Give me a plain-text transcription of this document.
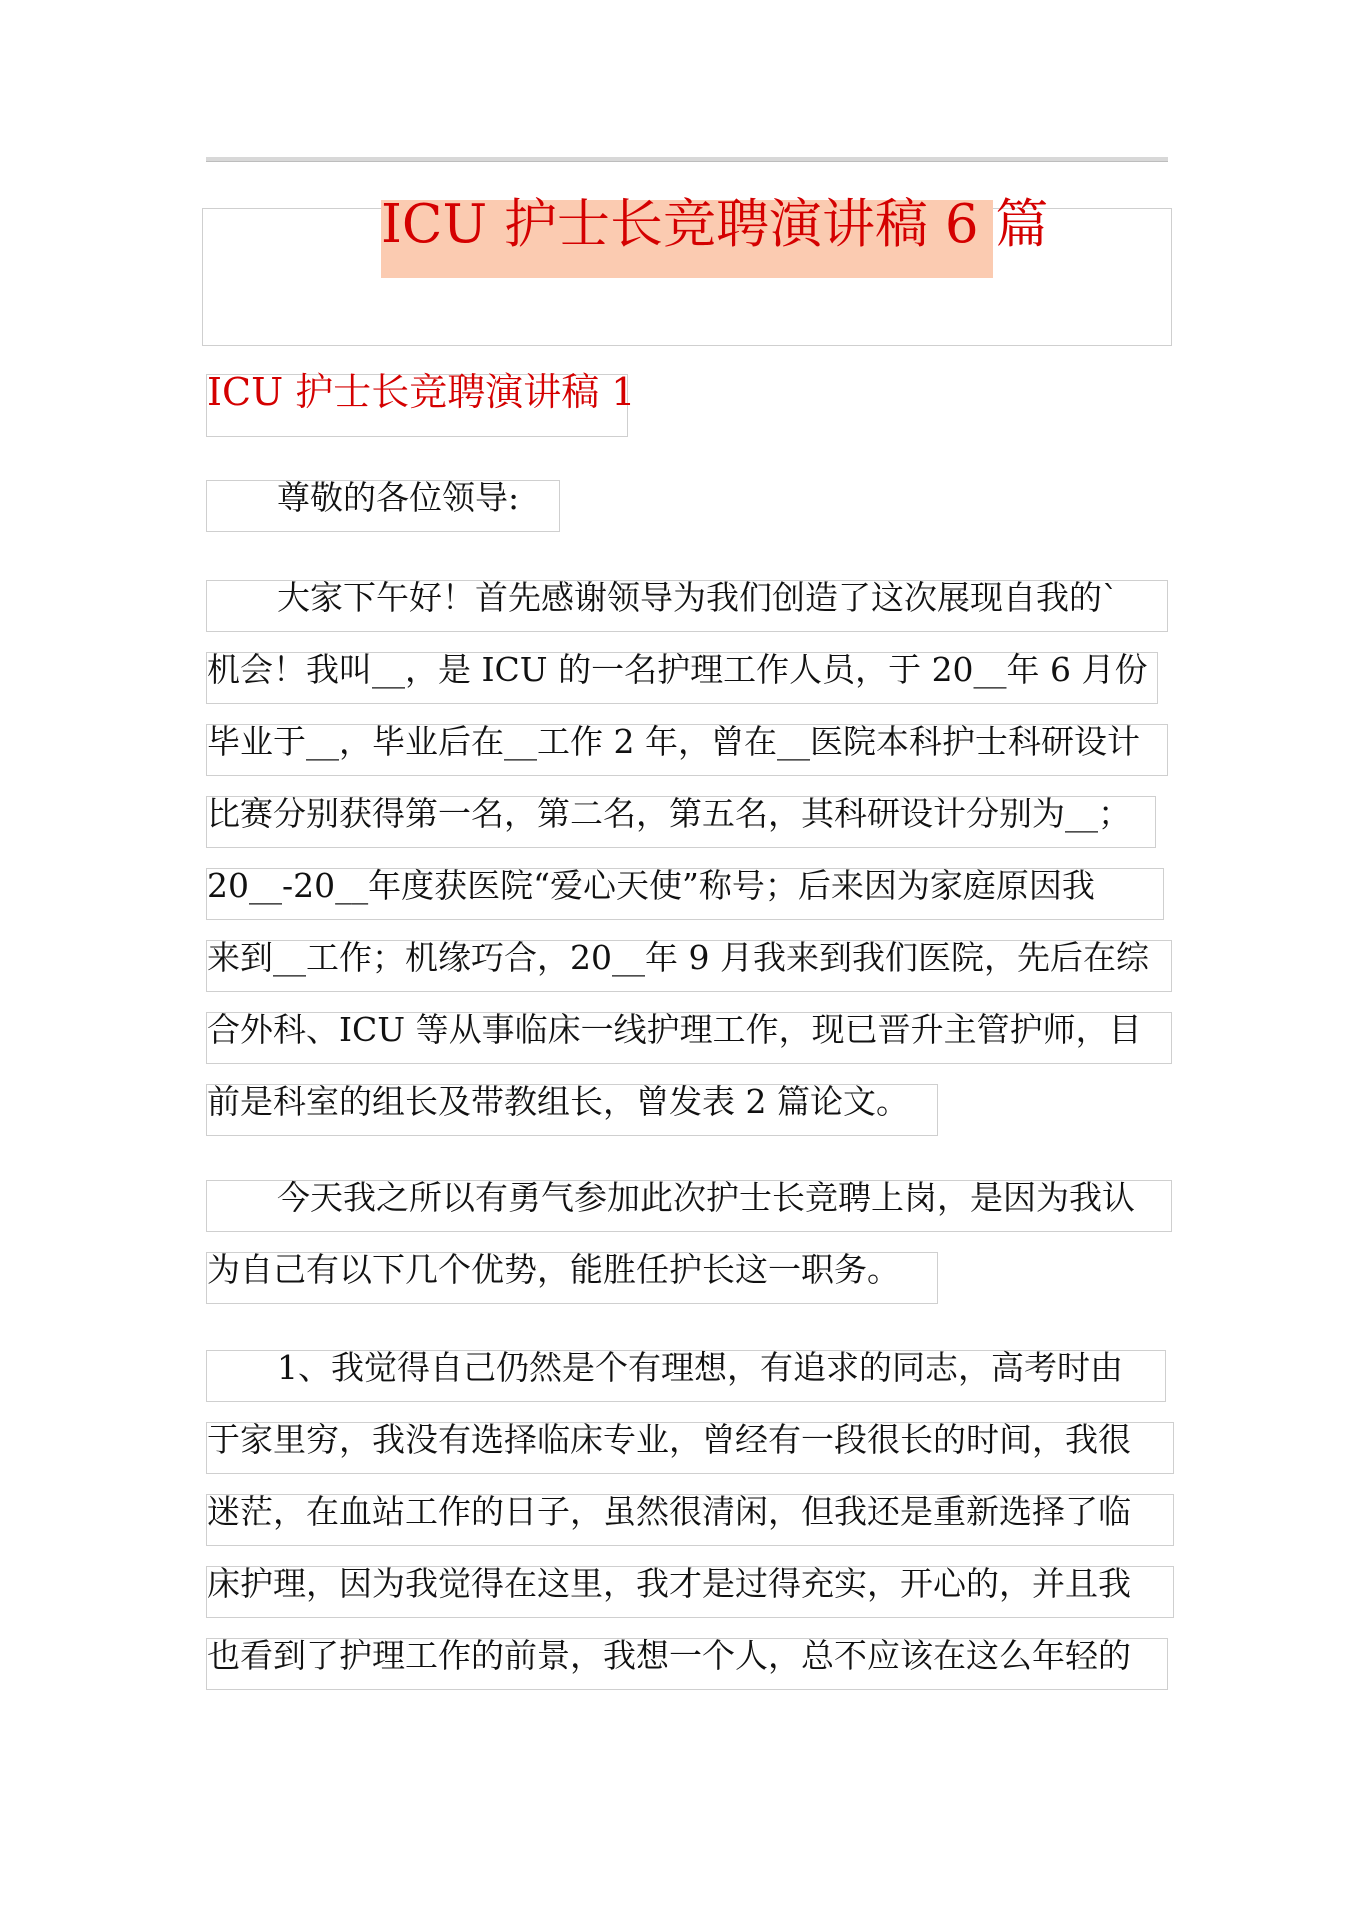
ICU 护士长竞聘演讲稿 6 篇
ICU 护士长竞聘演讲稿 1
尊敬的各位领导:
大家下午好！首先感谢领导为我们创造了这次展现自我的`
机会！我叫__，是 ICU 的一名护理工作人员，于 20__年 6 月份
毕业于__，毕业后在__工作 2 年，曾在__医院本科护士科研设计
比赛分别获得第一名，第二名，第五名，其科研设计分别为__；
20__-20__年度获医院“爱心天使”称号；后来因为家庭原因我
来到__工作；机缘巧合，20__年 9 月我来到我们医院，先后在综
合外科、ICU 等从事临床一线护理工作，现已晋升主管护师，目
前是科室的组长及带教组长，曾发表 2 篇论文。
今天我之所以有勇气参加此次护士长竞聘上岗，是因为我认
为自己有以下几个优势，能胜任护长这一职务。
1、我觉得自己仍然是个有理想，有追求的同志，高考时由
于家里穷，我没有选择临床专业，曾经有一段很长的时间，我很
迷茫，在血站工作的日子，虽然很清闲，但我还是重新选择了临
床护理，因为我觉得在这里，我才是过得充实，开心的，并且我
也看到了护理工作的前景，我想一个人，总不应该在这么年轻的
